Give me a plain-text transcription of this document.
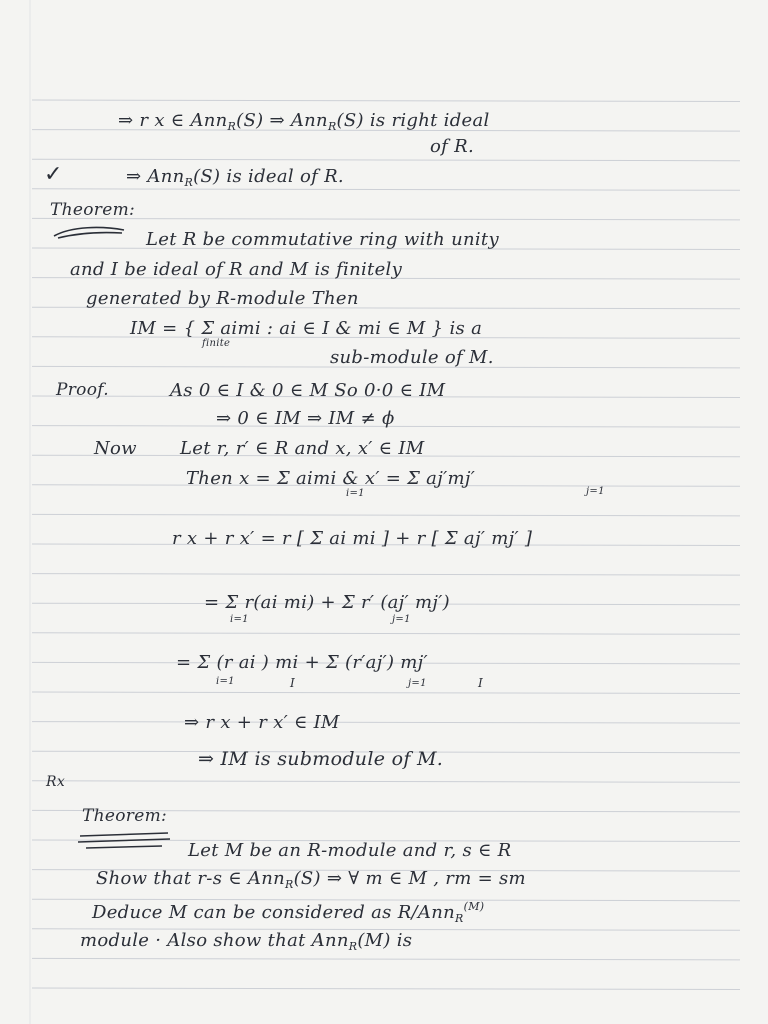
⇒ r x ∈ Ann$_R$(S) ⇒ Ann$_R$(S) is right ideal
of R.
✓	⇒ Ann$_R$(S) is ideal of R.
Theorem:
Let R be commutative ring with unity
and I be ideal of R and M is finitely
generated by R-module Then
IM = { Σ aimi : ai ∈ I & mi ∈ M } is a
finite
sub-module of M.
Proof.	As 0 ∈ I & 0 ∈ M So 0·0 ∈ IM
⇒ 0 ∈ IM ⇒ IM ≠ ϕ
Now Let r, r′ ∈ R and x, x′ ∈ IM
Then x = Σ aimi & x′ = Σ aj′mj′
i=1	j=1
r x + r x′ = r [ Σ ai mi ] + r [ Σ aj′ mj′ ]
= Σ r(ai mi) + Σ r′ (aj′ mj′)
i=1	j=1
= Σ (r ai ) mi + Σ (r′aj′) mj′
i=1	j=1
I	I
⇒ r x + r x′ ∈ IM
⇒ IM is submodule of M.
Rx
Theorem:
Let M be an R-module and r, s ∈ R
Show that r-s ∈ Ann$_R$(S) ⇒ ∀ m ∈ M , rm = sm
Deduce M can be considered as R/Ann$_R^{(M)}$
module · Also show that Ann$_R$(M) is
